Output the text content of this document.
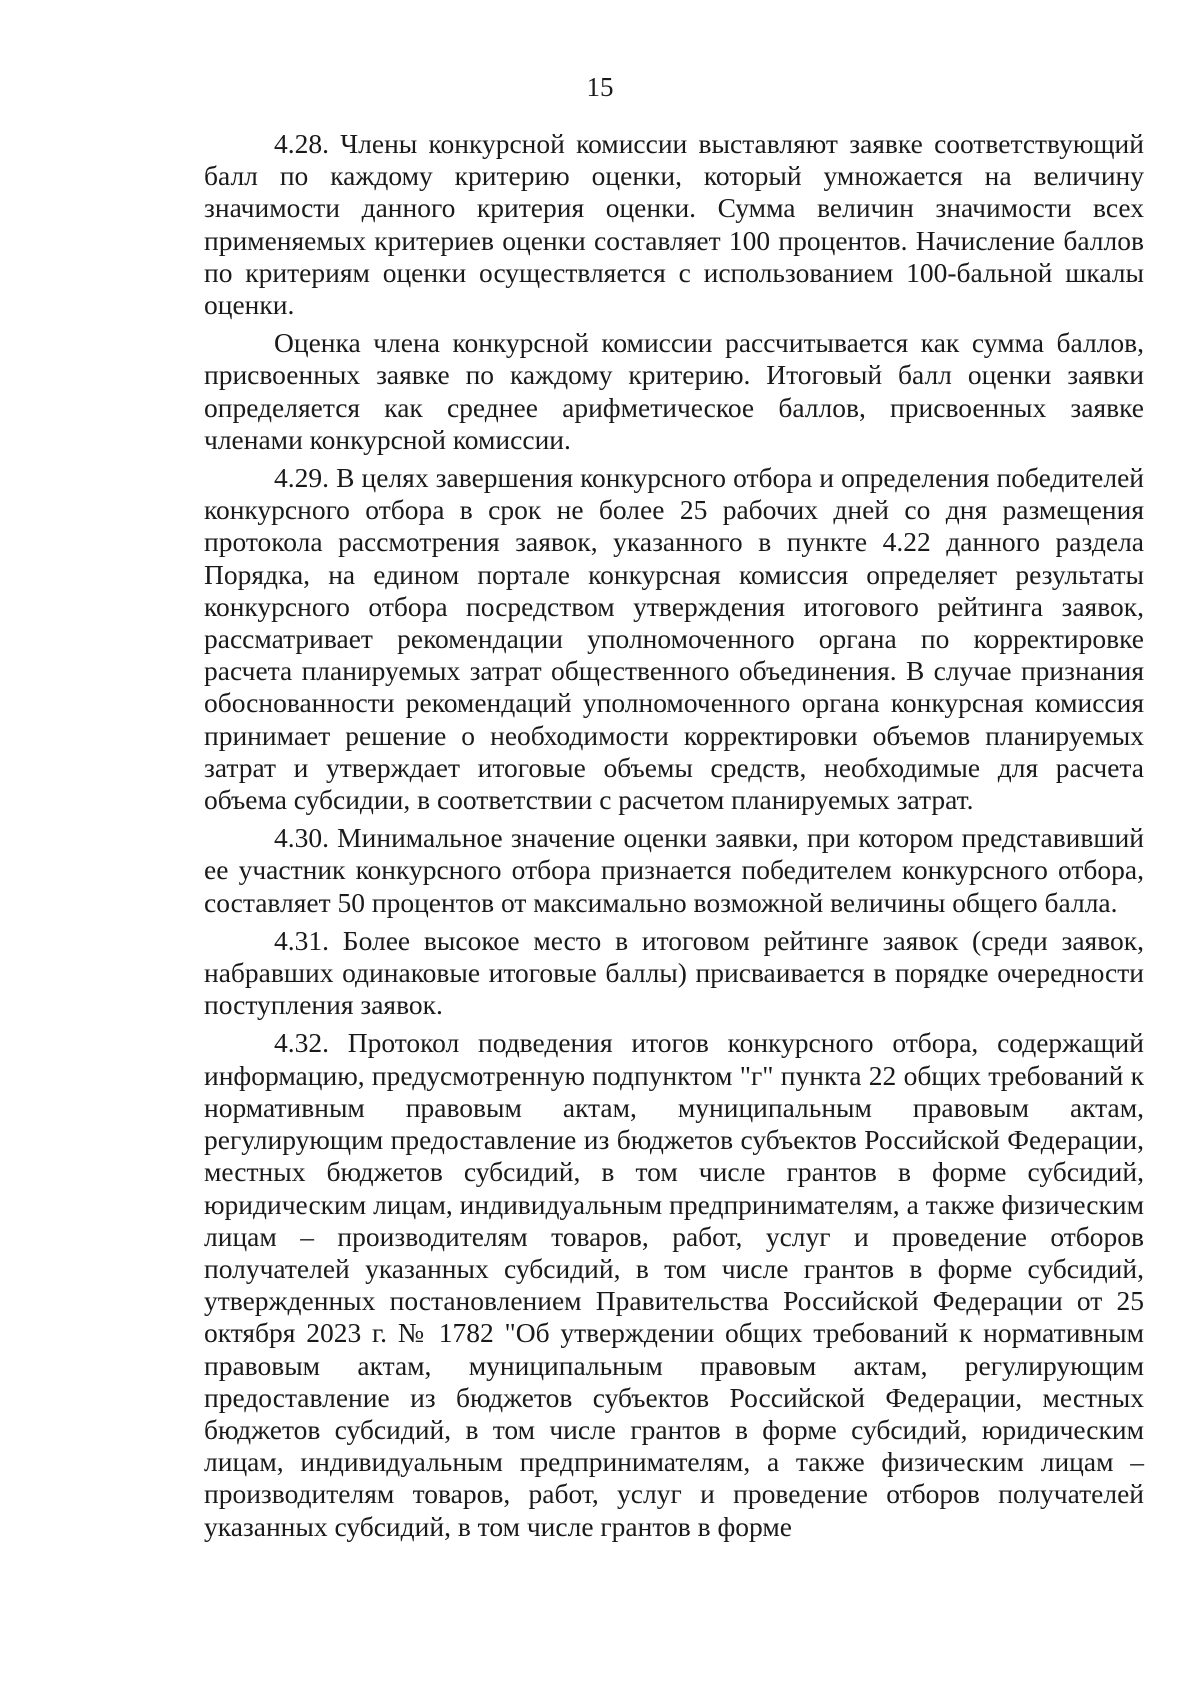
15

4.28. Члены конкурсной комиссии выставляют заявке соответствующий балл по каждому критерию оценки, который умножается на величину значимости данного критерия оценки. Сумма величин значимости всех применяемых критериев оценки составляет 100 процентов. Начисление баллов по критериям оценки осуществляется с использованием 100-бальной шкалы оценки.

Оценка члена конкурсной комиссии рассчитывается как сумма баллов, присвоенных заявке по каждому критерию. Итоговый балл оценки заявки определяется как среднее арифметическое баллов, присвоенных заявке членами конкурсной комиссии.

4.29. В целях завершения конкурсного отбора и определения победителей конкурсного отбора в срок не более 25 рабочих дней со дня размещения протокола рассмотрения заявок, указанного в пункте 4.22 данного раздела Порядка, на едином портале конкурсная комиссия определяет результаты конкурсного отбора посредством утверждения итогового рейтинга заявок, рассматривает рекомендации уполномоченного органа по корректировке расчета планируемых затрат общественного объединения. В случае признания обоснованности рекомендаций уполномоченного органа конкурсная комиссия принимает решение о необходимости корректировки объемов планируемых затрат и утверждает итоговые объемы средств, необходимые для расчета объема субсидии, в соответствии с расчетом планируемых затрат.

4.30. Минимальное значение оценки заявки, при котором представивший ее участник конкурсного отбора признается победителем конкурсного отбора, составляет 50 процентов от максимально возможной величины общего балла.

4.31. Более высокое место в итоговом рейтинге заявок (среди заявок, набравших одинаковые итоговые баллы) присваивается в порядке очередности поступления заявок.

4.32. Протокол подведения итогов конкурсного отбора, содержащий информацию, предусмотренную подпунктом "г" пункта 22 общих требований к нормативным правовым актам, муниципальным правовым актам, регулирующим предоставление из бюджетов субъектов Российской Федерации, местных бюджетов субсидий, в том числе грантов в форме субсидий, юридическим лицам, индивидуальным предпринимателям, а также физическим лицам – производителям товаров, работ, услуг и проведение отборов получателей указанных субсидий, в том числе грантов в форме субсидий, утвержденных постановлением Правительства Российской Федерации от 25 октября 2023 г. № 1782 "Об утверждении общих требований к нормативным правовым актам, муниципальным правовым актам, регулирующим предоставление из бюджетов субъектов Российской Федерации, местных бюджетов субсидий, в том числе грантов в форме субсидий, юридическим лицам, индивидуальным предпринимателям, а также физическим лицам – производителям товаров, работ, услуг и проведение отборов получателей указанных субсидий, в том числе грантов в форме
